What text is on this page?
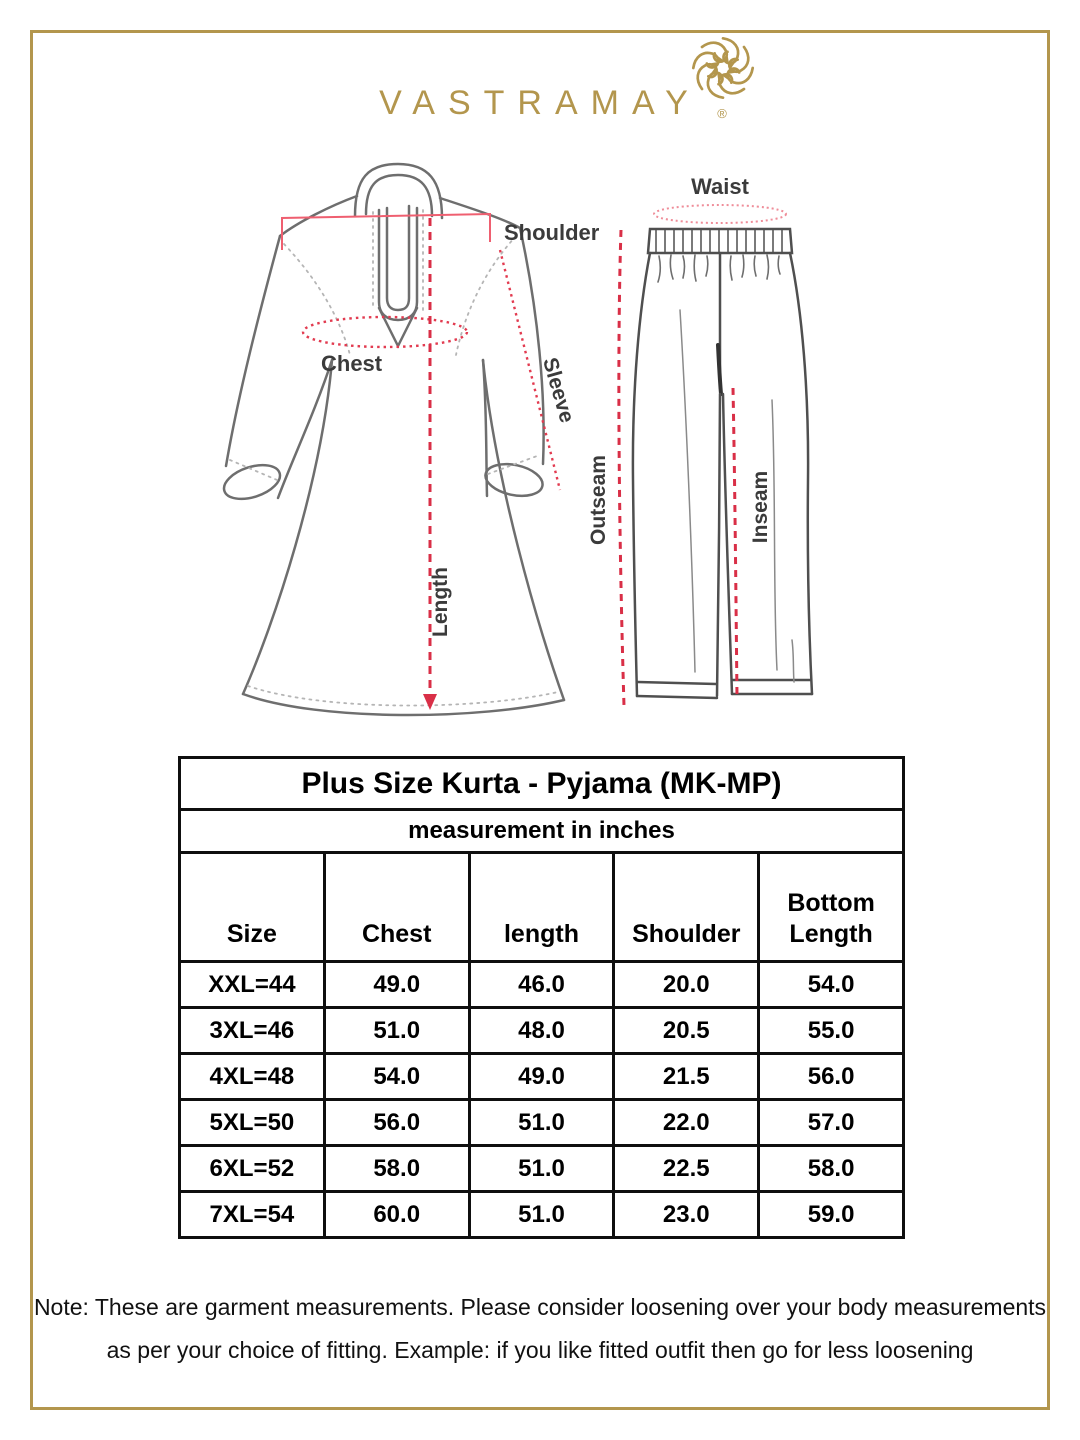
VASTRAMAY ®
Waist
Shoulder
Chest	Sleeve
Length
Outseam	Inseam
Plus Size Kurta - Pyjama (MK-MP)				
measurement in inches				
Size	Chest	length	Shoulder	Bottom Length
XXL=44	49.0	46.0	20.0	54.0
3XL=46	51.0	48.0	20.5	55.0
4XL=48	54.0	49.0	21.5	56.0
5XL=50	56.0	51.0	22.0	57.0
6XL=52	58.0	51.0	22.5	58.0
7XL=54	60.0	51.0	23.0	59.0
Note: These are garment measurements. Please consider loosening over your body measurements
as per your choice of fitting. Example: if you like fitted outfit then go for less loosening
